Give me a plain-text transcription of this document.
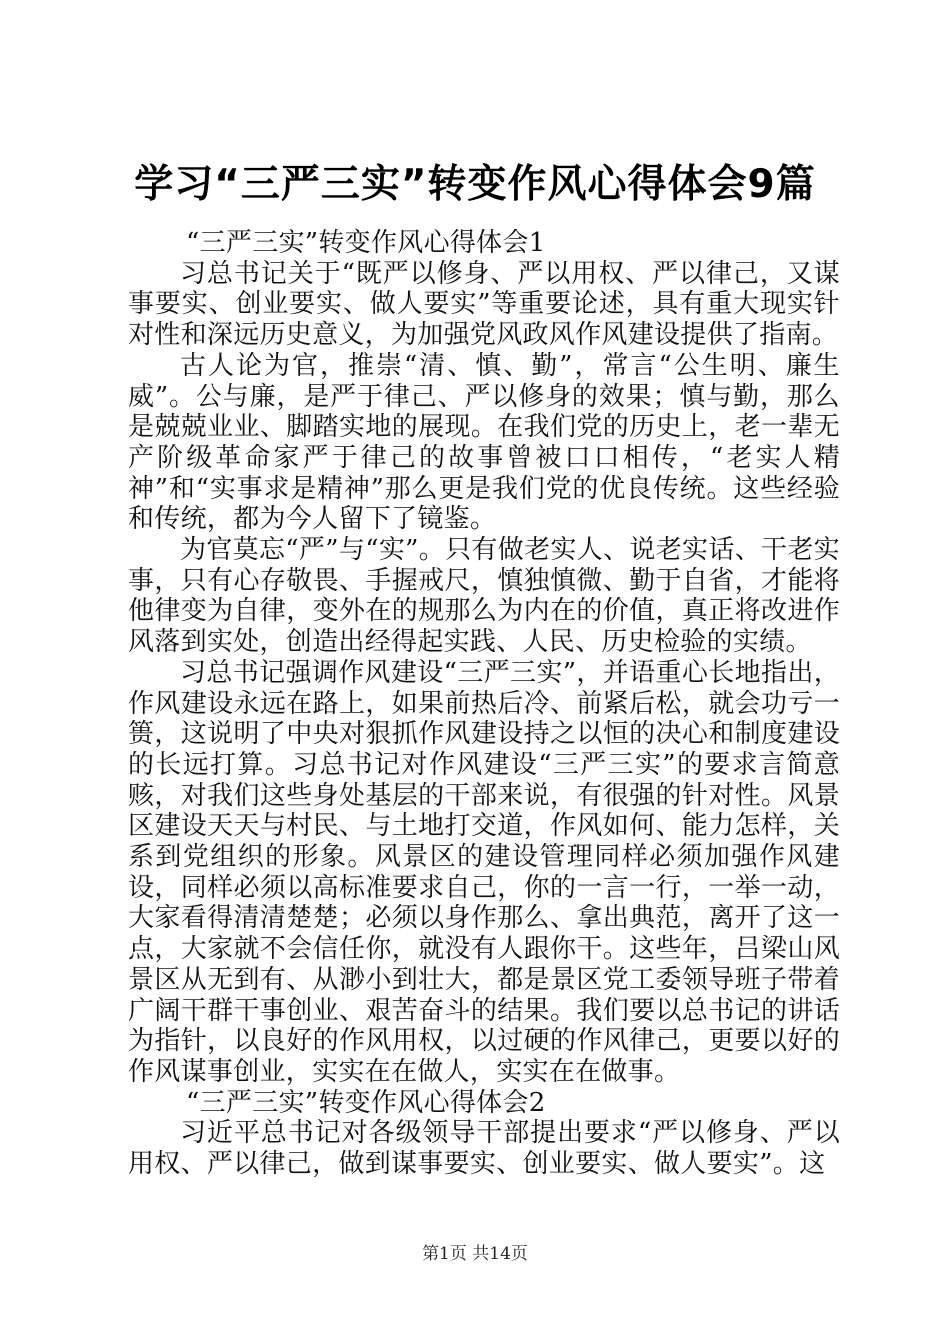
学习“三严三实”转变作风心得体会9篇

“三严三实”转变作风心得体会1

习总书记关于“既严以修身、严以用权、严以律己，又谋事要实、创业要实、做人要实”等重要论述，具有重大现实针对性和深远历史意义，为加强党风政风作风建设提供了指南。

古人论为官，推崇“清、慎、勤”，常言“公生明、廉生威”。公与廉，是严于律己、严以修身的效果；慎与勤，那么是兢兢业业、脚踏实地的展现。在我们党的历史上，老一辈无产阶级革命家严于律己的故事曾被口口相传，“老实人精神”和“实事求是精神”那么更是我们党的优良传统。这些经验和传统，都为今人留下了镜鉴。

为官莫忘“严”与“实”。只有做老实人、说老实话、干老实事，只有心存敬畏、手握戒尺，慎独慎微、勤于自省，才能将他律变为自律，变外在的规那么为内在的价值，真正将改进作风落到实处，创造出经得起实践、人民、历史检验的实绩。

习总书记强调作风建设“三严三实”，并语重心长地指出，作风建设永远在路上，如果前热后冷、前紧后松，就会功亏一篑，这说明了中央对狠抓作风建设持之以恒的决心和制度建设的长远打算。习总书记对作风建设“三严三实”的要求言简意赅，对我们这些身处基层的干部来说，有很强的针对性。风景区建设天天与村民、与土地打交道，作风如何、能力怎样，关系到党组织的形象。风景区的建设管理同样必须加强作风建设，同样必须以高标准要求自己，你的一言一行，一举一动，大家看得清清楚楚；必须以身作那么、拿出典范，离开了这一点，大家就不会信任你，就没有人跟你干。这些年，吕梁山风景区从无到有、从渺小到壮大，都是景区党工委领导班子带着广阔干群干事创业、艰苦奋斗的结果。我们要以总书记的讲话为指针，以良好的作风用权，以过硬的作风律己，更要以好的作风谋事创业，实实在在做人，实实在在做事。

“三严三实”转变作风心得体会2

习近平总书记对各级领导干部提出要求“严以修身、严以用权、严以律己，做到谋事要实、创业要实、做人要实”。这

第1页 共14页
